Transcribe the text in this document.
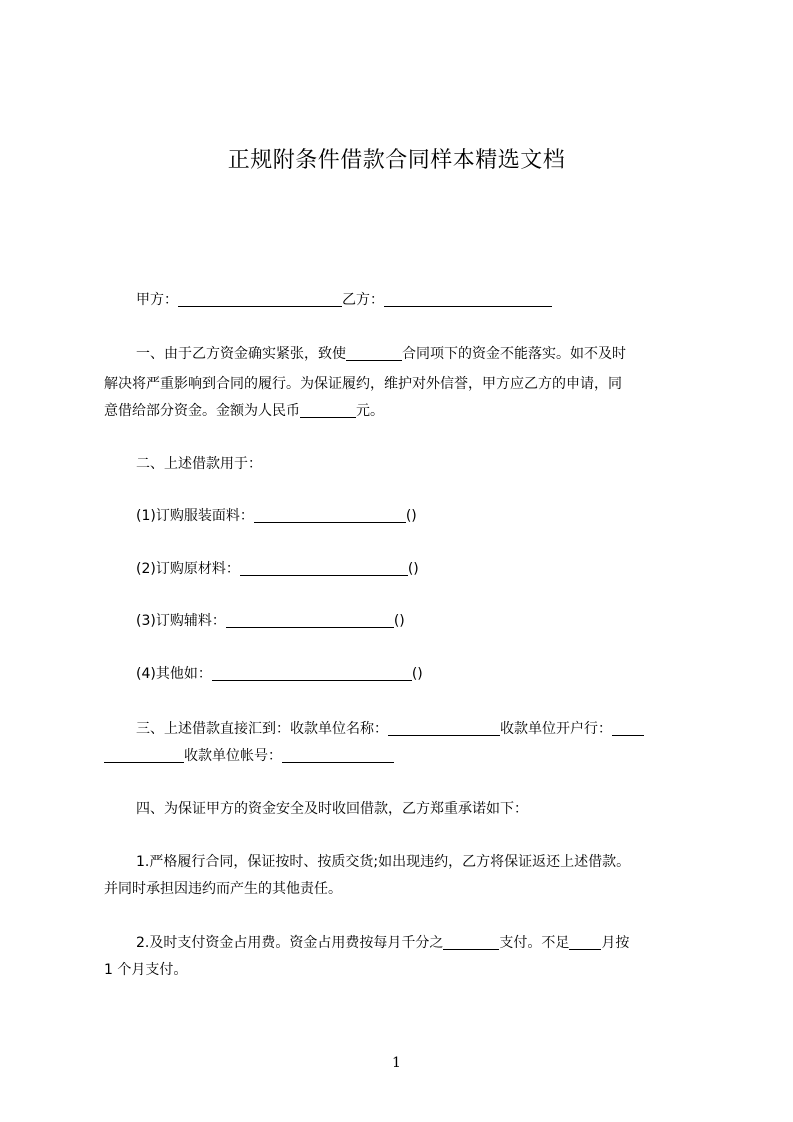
正规附条件借款合同样本精选文档
甲方：	乙方：
一、由于乙方资金确实紧张，致使	合同项下的资金不能落实。如不及时
解决将严重影响到合同的履行。为保证履约，维护对外信誉，甲方应乙方的申请，同
意借给部分资金。金额为人民币	元。
二、上述借款用于：
(1)订购服装面料：	()
(2)订购原材料：	()
(3)订购辅料：	()
(4)其他如：	()
三、上述借款直接汇到：收款单位名称：	收款单位开户行：
收款单位帐号：
四、为保证甲方的资金安全及时收回借款，乙方郑重承诺如下：
1.严格履行合同，保证按时、按质交货;如出现违约，乙方将保证返还上述借款。
并同时承担因违约而产生的其他责任。
2.及时支付资金占用费。资金占用费按每月千分之	支付。不足 月按
1 个月支付。
1
